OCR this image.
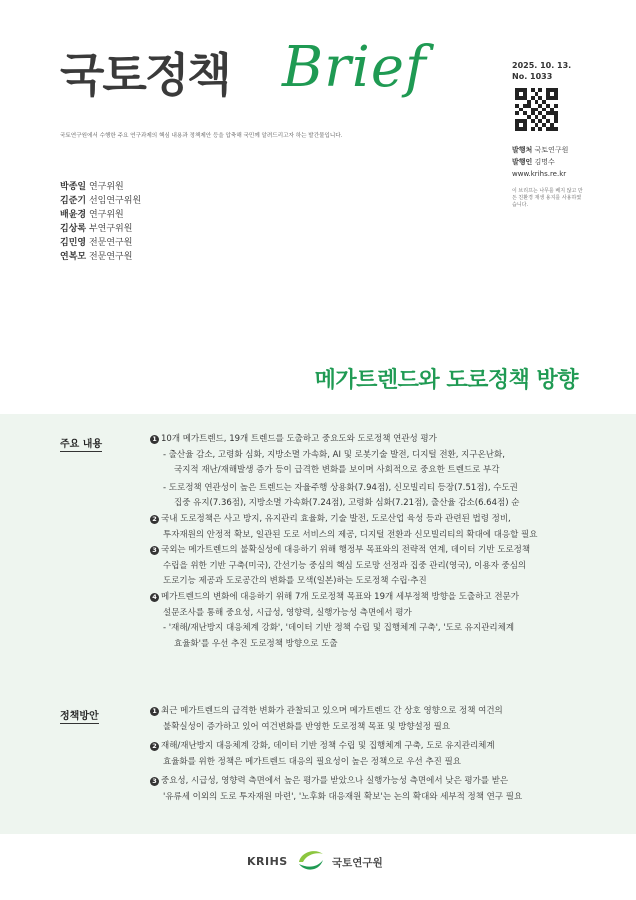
국토정책 Brief
국토연구원에서 수행한 주요 연구과제의 핵심 내용과 정책제안 등을 압축해 국민께 알려드리고자 하는 발간물입니다.
2025. 10. 13.
No. 1033
발행처 국토연구원
발행인 김명수
www.krihs.re.kr
이 브리프는 나무를 베지 않고 만든 친환경 재생 용지를 사용하였습니다.
박종일 연구위원
김준기 선임연구위원
배윤경 연구위원
김상록 부연구위원
김민영 전문연구원
연복모 전문연구원
메가트렌드와 도로정책 방향
주요 내용	1 10개 메가트렌드, 19개 트렌드를 도출하고 중요도와 도로정책 연관성 평가
- 출산율 감소, 고령화 심화, 지방소멸 가속화, AI 및 로봇기술 발전, 디지털 전환, 지구온난화,
국지적 재난/재해발생 증가 등이 급격한 변화를 보이며 사회적으로 중요한 트렌드로 부각
- 도로정책 연관성이 높은 트렌드는 자율주행 상용화(7.94점), 신모빌리티 등장(7.51점), 수도권
집중 유지(7.36점), 지방소멸 가속화(7.24점), 고령화 심화(7.21점), 출산율 감소(6.64점) 순
2 국내 도로정책은 사고 방지, 유지관리 효율화, 기술 발전, 도로산업 육성 등과 관련된 법령 정비,
투자재원의 안정적 확보, 일관된 도로 서비스의 제공, 디지털 전환과 신모빌리티의 확대에 대응할 필요
3 국외는 메가트렌드의 불확실성에 대응하기 위해 행정부 목표와의 전략적 연계, 데이터 기반 도로정책
수립을 위한 기반 구축(미국), 간선기능 중심의 핵심 도로망 선정과 집중 관리(영국), 이용자 중심의
도로기능 제공과 도로공간의 변화를 모색(일본)하는 도로정책 수립·추진
4 메가트렌드의 변화에 대응하기 위해 7개 도로정책 목표와 19개 세부정책 방향을 도출하고 전문가
설문조사를 통해 중요성, 시급성, 영향력, 실행가능성 측면에서 평가
- '재해/재난방지 대응체계 강화', '데이터 기반 정책 수립 및 집행체계 구축', '도로 유지관리체계
효율화'를 우선 추진 도로정책 방향으로 도출
정책방안	1 최근 메가트렌드의 급격한 변화가 관찰되고 있으며 메가트렌드 간 상호 영향으로 정책 여건의
불확실성이 증가하고 있어 여건변화를 반영한 도로정책 목표 및 방향설정 필요
2 재해/재난방지 대응체계 강화, 데이터 기반 정책 수립 및 집행체계 구축, 도로 유지관리체계
효율화를 위한 정책은 메가트렌드 대응의 필요성이 높은 정책으로 우선 추진 필요
3 중요성, 시급성, 영향력 측면에서 높은 평가를 받았으나 실행가능성 측면에서 낮은 평가를 받은
'유류세 이외의 도로 투자재원 마련', '노후화 대응재원 확보'는 논의 확대와 세부적 정책 연구 필요
KRIHS	국토연구원
